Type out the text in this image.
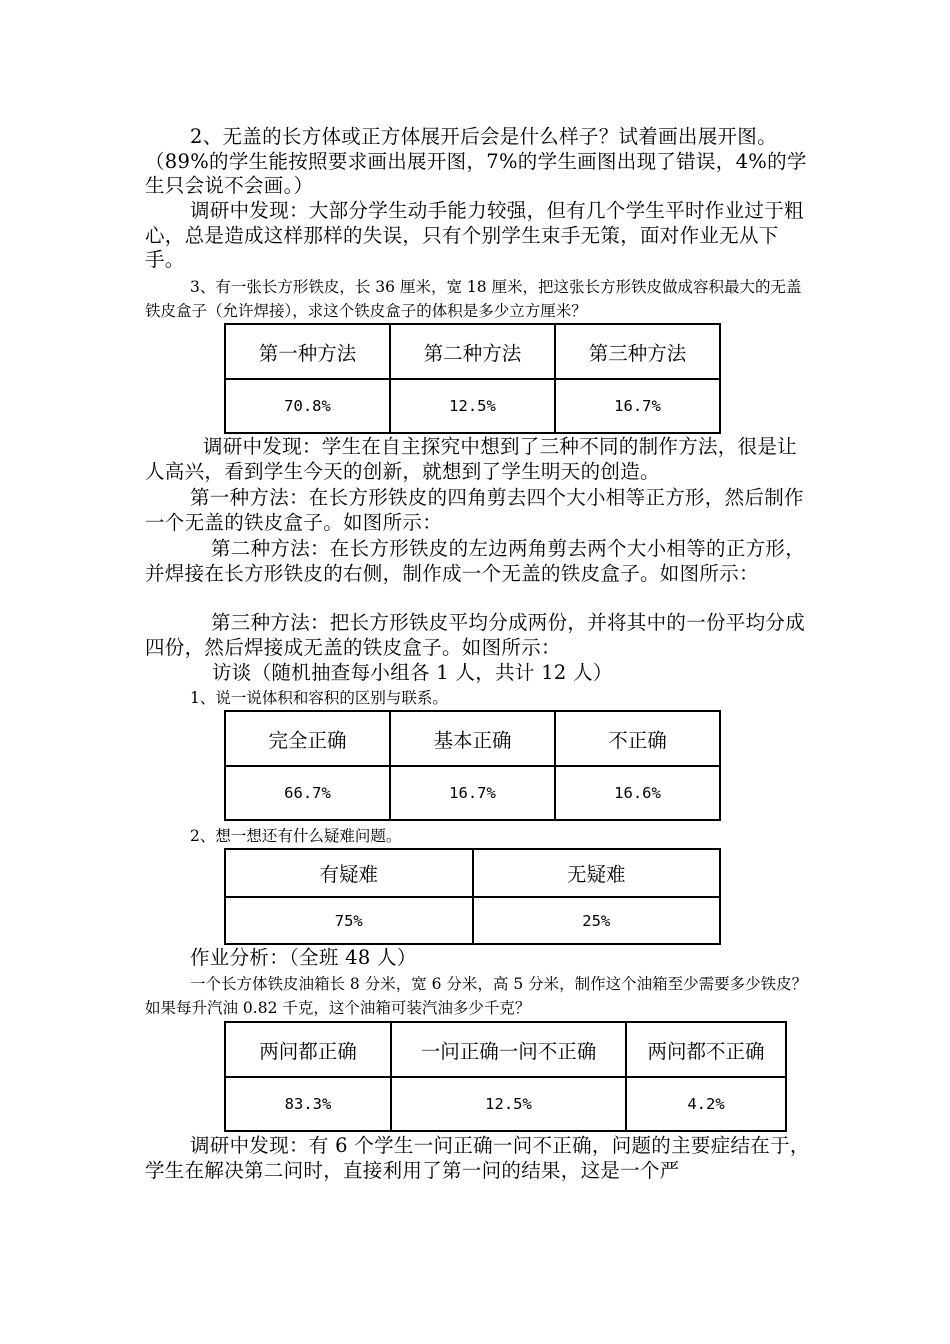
2、无盖的长方体或正方体展开后会是什么样子？试着画出展开图。（89%的学生能按照要求画出展开图，7%的学生画图出现了错误，4%的学生只会说不会画。）

调研中发现：大部分学生动手能力较强，但有几个学生平时作业过于粗心，总是造成这样那样的失误，只有个别学生束手无策，面对作业无从下手。

3、有一张长方形铁皮，长 36 厘米，宽 18 厘米，把这张长方形铁皮做成容积最大的无盖铁皮盒子（允许焊接），求这个铁皮盒子的体积是多少立方厘米？

第一种方法	第二种方法	第三种方法
70.8%	12.5%	16.7%

调研中发现：学生在自主探究中想到了三种不同的制作方法，很是让人高兴，看到学生今天的创新，就想到了学生明天的创造。

第一种方法：在长方形铁皮的四角剪去四个大小相等正方形，然后制作一个无盖的铁皮盒子。如图所示：

第二种方法：在长方形铁皮的左边两角剪去两个大小相等的正方形，并焊接在长方形铁皮的右侧，制作成一个无盖的铁皮盒子。如图所示：

第三种方法：把长方形铁皮平均分成两份，并将其中的一份平均分成四份，然后焊接成无盖的铁皮盒子。如图所示：

访谈（随机抽查每小组各 1 人，共计 12 人）

1、说一说体积和容积的区别与联系。

完全正确	基本正确	不正确
66.7%	16.7%	16.6%

2、想一想还有什么疑难问题。

有疑难	无疑难
75%	25%

作业分析：（全班 48 人）

一个长方体铁皮油箱长 8 分米，宽 6 分米，高 5 分米，制作这个油箱至少需要多少铁皮？如果每升汽油 0.82 千克，这个油箱可装汽油多少千克？

两问都正确	一问正确一问不正确	两问都不正确
83.3%	12.5%	4.2%

调研中发现：有 6 个学生一问正确一问不正确，问题的主要症结在于，学生在解决第二问时，直接利用了第一问的结果，这是一个严
